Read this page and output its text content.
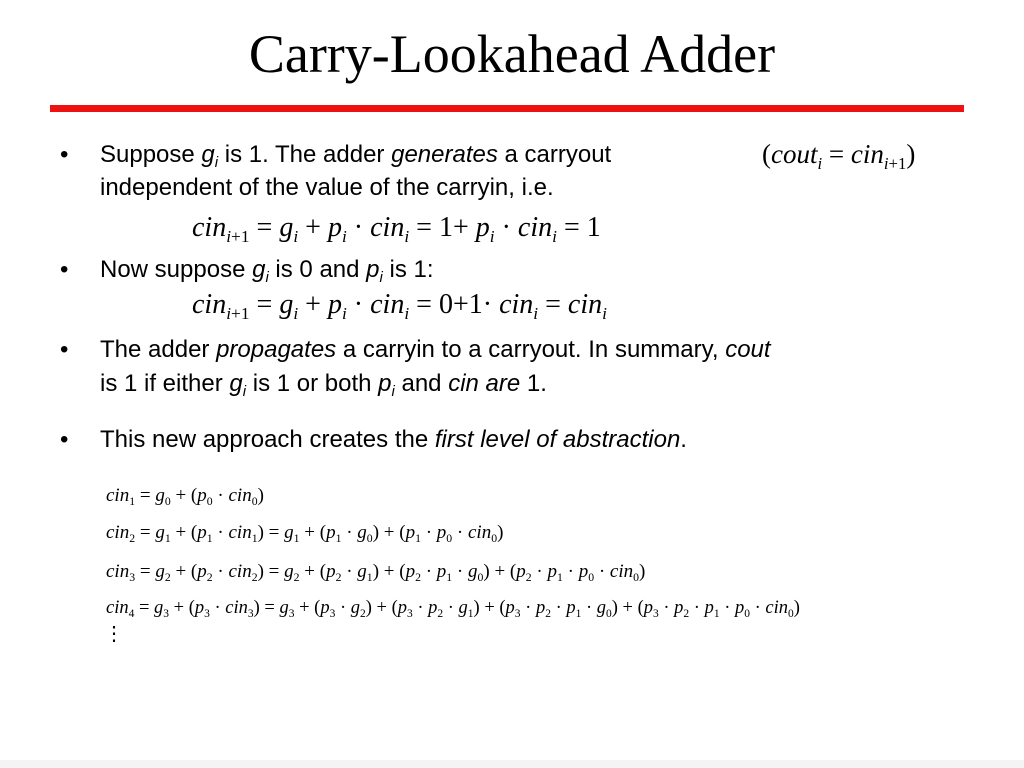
Carry-Lookahead Adder
• Suppose $g_i$ is 1. The adder generates a carryout
independent of the value of the carryin, i.e.
(cout$_i$ = cin$_{i+1}$)
$cin_{i+1} = g_i + p_i \cdot cin_i = 1+ p_i \cdot cin_i = 1$
• Now suppose $g_i$ is 0 and $p_i$ is 1:
$cin_{i+1} = g_i + p_i \cdot cin_i = 0+1\cdot cin_i = cin_i$
• The adder propagates a carryin to a carryout. In summary, cout
is 1 if either $g_i$ is 1 or both $p_i$ and cin are 1.
• This new approach creates the first level of abstraction.
$cin_1 = g_0 + (p_0 \cdot cin_0)$
$cin_2 = g_1 + (p_1 \cdot cin_1) = g_1 + (p_1 \cdot g_0) + (p_1 \cdot p_0 \cdot cin_0)$
$cin_3 = g_2 + (p_2 \cdot cin_2) = g_2 + (p_2 \cdot g_1) + (p_2 \cdot p_1 \cdot g_0) + (p_2 \cdot p_1 \cdot p_0 \cdot cin_0)$
$cin_4 = g_3 + (p_3 \cdot cin_3) = g_3 + (p_3 \cdot g_2) + (p_3 \cdot p_2 \cdot g_1) + (p_3 \cdot p_2 \cdot p_1 \cdot g_0) + (p_3 \cdot p_2 \cdot p_1 \cdot p_0 \cdot cin_0)$
⋮
